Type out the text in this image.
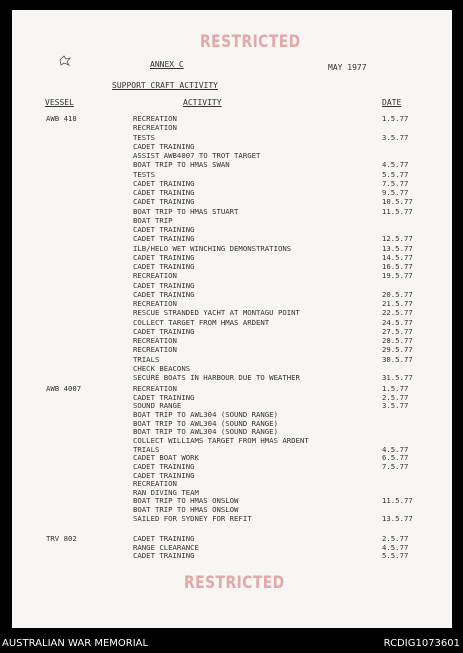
RESTRICTED
ANNEX C	MAY 1977
SUPPORT CRAFT ACTIVITY
VESSEL	ACTIVITY	DATE
AWB 418	RECREATION	1.5.77
RECREATION
TESTS	3.5.77
CADET TRAINING
ASSIST AWB4007 TO TROT TARGET
BOAT TRIP TO HMAS SWAN	4.5.77
TESTS	5.5.77
CADET TRAINING	7.5.77
CADET TRAINING	9.5.77
CADET TRAINING	10.5.77
BOAT TRIP TO HMAS STUART	11.5.77
BOAT TRIP
CADET TRAINING
CADET TRAINING	12.5.77
ILB/HELO WET WINCHING DEMONSTRATIONS	13.5.77
CADET TRAINING	14.5.77
CADET TRAINING	16.5.77
RECREATION	19.5.77
CADET TRAINING
CADET TRAINING	20.5.77
RECREATION	21.5.77
RESCUE STRANDED YACHT AT MONTAGU POINT	22.5.77
COLLECT TARGET FROM HMAS ARDENT	24.5.77
CADET TRAINING	27.5.77
RECREATION	28.5.77
RECREATION	29.5.77
TRIALS	30.5.77
CHECK BEACONS
SECURE BOATS IN HARBOUR DUE TO WEATHER	31.5.77
AWB 4007	RECREATION	1.5.77
CADET TRAINING	2.5.77
SOUND RANGE	3.5.77
BOAT TRIP TO AWL304 (SOUND RANGE)
BOAT TRIP TO AWL304 (SOUND RANGE)
BOAT TRIP TO AWL304 (SOUND RANGE)
COLLECT WILLIAMS TARGET FROM HMAS ARDENT
TRIALS	4.5.77
CADET BOAT WORK	6.5.77
CADET TRAINING	7.5.77
CADET TRAINING
RECREATION
RAN DIVING TEAM
BOAT TRIP TO HMAS ONSLOW	11.5.77
BOAT TRIP TO HMAS ONSLOW
SAILED FOR SYDNEY FOR REFIT	13.5.77
TRV 802	CADET TRAINING	2.5.77
RANGE CLEARANCE	4.5.77
CADET TRAINING	5.5.77
RESTRICTED
AUSTRALIAN WAR MEMORIAL	RCDIG1073601
